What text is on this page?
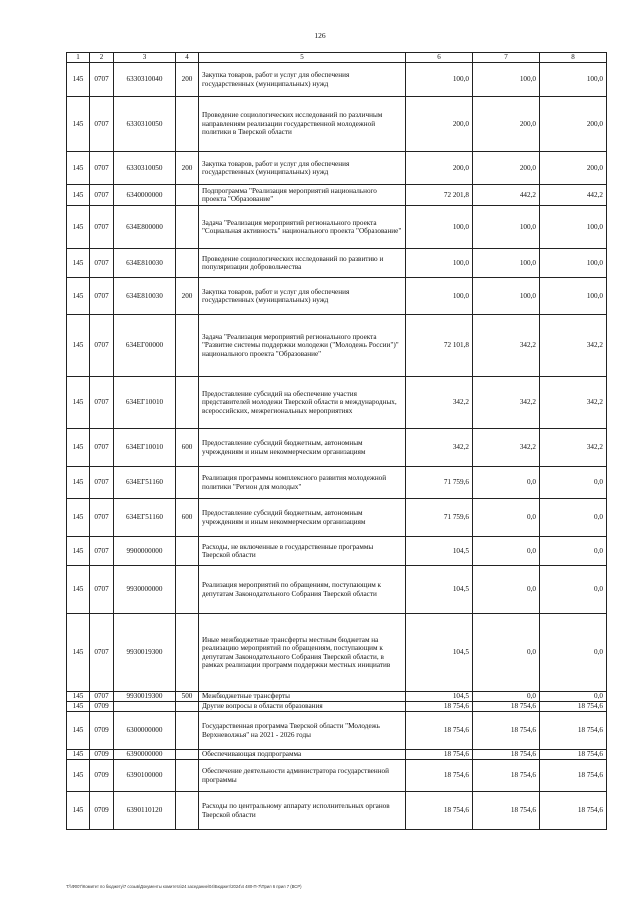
126
1	2	3	4	5	6	7	8
145	0707	6330310040	200	Закупка товаров, работ и услуг для обеспечения государственных (муниципальных) нужд	100,0	100,0	100,0
145	0707	6330310050		Проведение социологических исследований по различным направлениям реализации государственной молодежной политики в Тверской области	200,0	200,0	200,0
145	0707	6330310050	200	Закупка товаров, работ и услуг для обеспечения государственных (муниципальных) нужд	200,0	200,0	200,0
145	0707	6340000000		Подпрограмма "Реализация мероприятий национального проекта "Образование"	72 201,8	442,2	442,2
145	0707	634Е800000		Задача "Реализация мероприятий регионального проекта "Социальная активность" национального проекта "Образование"	100,0	100,0	100,0
145	0707	634Е810030		Проведение социологических исследований по развитию и популяризации добровольчества	100,0	100,0	100,0
145	0707	634Е810030	200	Закупка товаров, работ и услуг для обеспечения государственных (муниципальных) нужд	100,0	100,0	100,0
145	0707	634ЕГ00000		Задача "Реализация мероприятий регионального проекта "Развитие системы поддержки молодежи ("Молодежь России")" национального проекта "Образование"	72 101,8	342,2	342,2
145	0707	634ЕГ10010		Предоставление субсидий на обеспечение участия представителей молодежи Тверской области в международных, всероссийских, межрегиональных мероприятиях	342,2	342,2	342,2
145	0707	634ЕГ10010	600	Предоставление субсидий бюджетным, автономным учреждениям и иным некоммерческим организациям	342,2	342,2	342,2
145	0707	634ЕГ51160		Реализация программы комплексного развития молодежной политики "Регион для молодых"	71 759,6	0,0	0,0
145	0707	634ЕГ51160	600	Предоставление субсидий бюджетным, автономным учреждениям и иным некоммерческим организациям	71 759,6	0,0	0,0
145	0707	9900000000		Расходы, не включенные в государственные программы Тверской области	104,5	0,0	0,0
145	0707	9930000000		Реализация мероприятий по обращениям, поступающим к депутатам Законодательного Собрания Тверской области	104,5	0,0	0,0
145	0707	9930019300		Иные межбюджетные трансферты местным бюджетам на реализацию мероприятий по обращениям, поступающим к депутатам Законодательного Собрания Тверской области, в рамках реализации программ поддержки местных инициатив	104,5	0,0	0,0
145	0707	9930019300	500	Межбюджетные трансферты	104,5	0,0	0,0
145	0709			Другие вопросы в области образования	18 754,6	18 754,6	18 754,6
145	0709	6300000000		Государственная программа Тверской области "Молодежь Верхневолжья" на 2021 - 2026 годы	18 754,6	18 754,6	18 754,6
145	0709	6390000000		Обеспечивающая подпрограмма	18 754,6	18 754,6	18 754,6
145	0709	6390100000		Обеспечение деятельности администратора государственной программы	18 754,6	18 754,6	18 754,6
145	0709	6390110120		Расходы по центральному аппарату исполнительных органов Тверской области	18 754,6	18 754,6	18 754,6
T:\\Ф007\Комитет по бюджету\7 созыв\Документы комитета\24 заседание\04\Бюджет\2024\4 480-П-7\Прил 6 прил 7 (ВСР)
